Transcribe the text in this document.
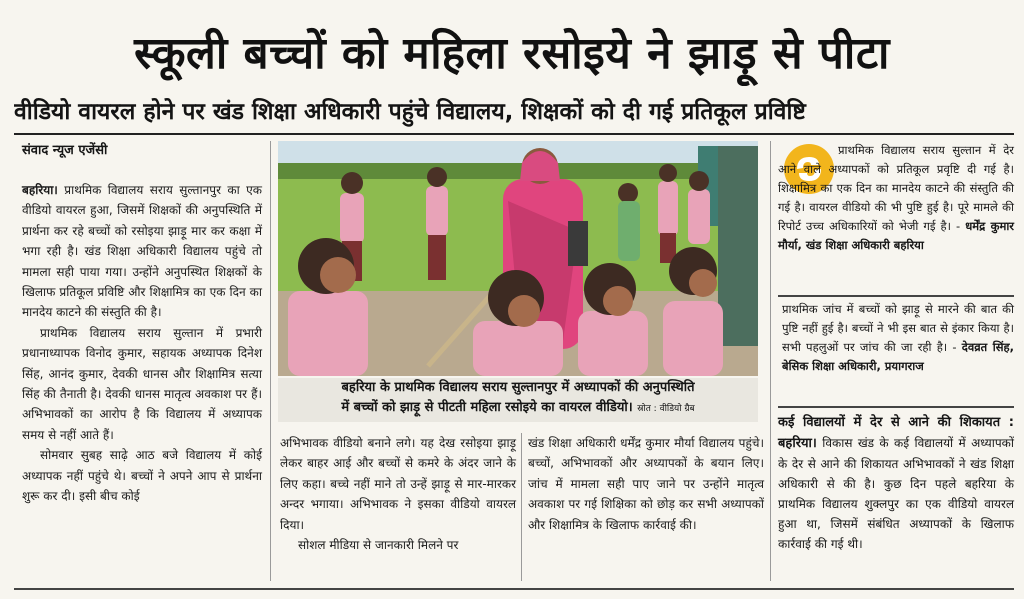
स्कूली बच्चों को महिला रसोइये ने झाड़ू से पीटा
वीडियो वायरल होने पर खंड शिक्षा अधिकारी पहुंचे विद्यालय, शिक्षकों को दी गई प्रतिकूल प्रविष्टि
संवाद न्यूज एजेंसी

बहरिया। प्राथमिक विद्यालय सराय सुल्तानपुर का एक वीडियो वायरल हुआ, जिसमें शिक्षकों की अनुपस्थिति में प्रार्थना कर रहे बच्चों को रसोइया झाड़ू मार कर कक्षा में भगा रही है। खंड शिक्षा अधिकारी विद्यालय पहुंचे तो मामला सही पाया गया। उन्होंने अनुपस्थित शिक्षकों के खिलाफ प्रतिकूल प्रविष्टि और शिक्षामित्र का एक दिन का मानदेय काटने की संस्तुति की है।

प्राथमिक विद्यालय सराय सुल्तान में प्रभारी प्रधानाध्यापक विनोद कुमार, सहायक अध्यापक दिनेश सिंह, आनंद कुमार, देवकी धानस और शिक्षामित्र सत्या सिंह की तैनाती है। देवकी धानस मातृत्व अवकाश पर हैं। अभिभावकों का आरोप है कि विद्यालय में अध्यापक समय से नहीं आते हैं।

सोमवार सुबह साढ़े आठ बजे विद्यालय में कोई अध्यापक नहीं पहुंचे थे। बच्चों ने अपने आप से प्रार्थना शुरू कर दी। इसी बीच कोई

बहरिया के प्राथमिक विद्यालय सराय सुल्तानपुर में अध्यापकों की अनुपस्थिति
में बच्चों को झाड़ू से पीटती महिला रसोइये का वायरल वीडियो। स्रोत : वीडियो ग्रैब

अभिभावक वीडियो बनाने लगे। यह देख रसोइया झाड़ू लेकर बाहर आई और बच्चों से कमरे के अंदर जाने के लिए कहा। बच्चे नहीं माने तो उन्हें झाड़ू से मार-मारकर अन्दर भगाया। अभिभावक ने इसका वीडियो वायरल दिया।

सोशल मीडिया से जानकारी मिलने पर

खंड शिक्षा अधिकारी धर्मेंद्र कुमार मौर्या विद्यालय पहुंचे। बच्चों, अभिभावकों और अध्यापकों के बयान लिए। जांच में मामला सही पाए जाने पर उन्होंने मातृत्व अवकाश पर गई शिक्षिका को छोड़ कर सभी अध्यापकों और शिक्षामित्र के खिलाफ कार्रवाई की।

प्राथमिक विद्यालय सराय सुल्तान में देर आने वाले अध्यापकों को प्रतिकूल प्रवृष्टि दी गई है। शिक्षामित्र का एक दिन का मानदेय काटने की संस्तुति की गई है। वायरल वीडियो की भी पुष्टि हुई है। पूरे मामले की रिपोर्ट उच्च अधिकारियों को भेजी गई है। - धर्मेंद्र कुमार मौर्या, खंड शिक्षा अधिकारी बहरिया

प्राथमिक जांच में बच्चों को झाड़ू से मारने की बात की पुष्टि नहीं हुई है। बच्चों ने भी इस बात से इंकार किया है। सभी पहलुओं पर जांच की जा रही है। - देवव्रत सिंह, बेसिक शिक्षा अधिकारी, प्रयागराज
कई विद्यालयों में देर से आने की शिकायत : बहरिया। विकास खंड के कई विद्यालयों में अध्यापकों के देर से आने की शिकायत अभिभावकों ने खंड शिक्षा अधिकारी से की है। कुछ दिन पहले बहरिया के प्राथमिक विद्यालय शुक्लपुर का एक वीडियो वायरल हुआ था, जिसमें संबंधित अध्यापकों के खिलाफ कार्रवाई की गई थी।
